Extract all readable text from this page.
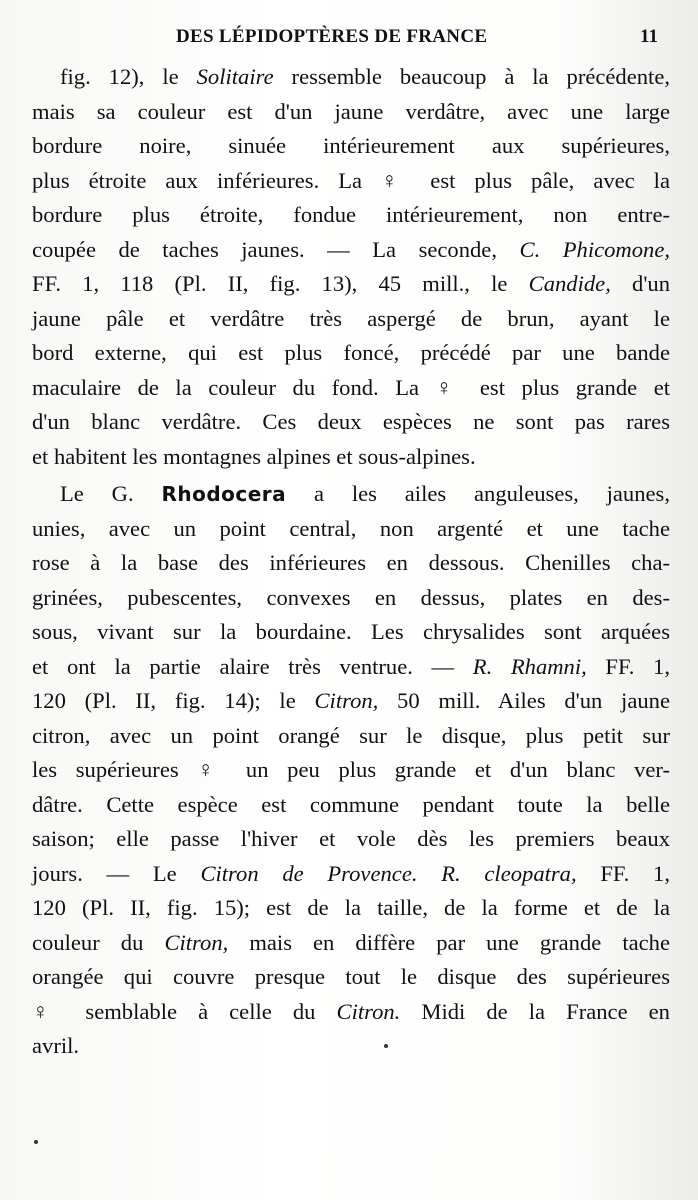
DES LÉPIDOPTÈRES DE FRANCE	11
fig. 12), le Solitaire ressemble beaucoup à la précédente,
mais sa couleur est d'un jaune verdâtre, avec une large
bordure noire, sinuée intérieurement aux supérieures,
plus étroite aux inférieures. La ♀ est plus pâle, avec la
bordure plus étroite, fondue intérieurement, non entre-
coupée de taches jaunes. — La seconde, C. Phicomone,
FF. 1, 118 (Pl. II, fig. 13), 45 mill., le Candide, d'un
jaune pâle et verdâtre très aspergé de brun, ayant le
bord externe, qui est plus foncé, précédé par une bande
maculaire de la couleur du fond. La ♀ est plus grande et
d'un blanc verdâtre. Ces deux espèces ne sont pas rares
et habitent les montagnes alpines et sous-alpines.
Le G. Rhodocera a les ailes anguleuses, jaunes,
unies, avec un point central, non argenté et une tache
rose à la base des inférieures en dessous. Chenilles cha-
grinées, pubescentes, convexes en dessus, plates en des-
sous, vivant sur la bourdaine. Les chrysalides sont arquées
et ont la partie alaire très ventrue. — R. Rhamni, FF. 1,
120 (Pl. II, fig. 14); le Citron, 50 mill. Ailes d'un jaune
citron, avec un point orangé sur le disque, plus petit sur
les supérieures ♀ un peu plus grande et d'un blanc ver-
dâtre. Cette espèce est commune pendant toute la belle
saison; elle passe l'hiver et vole dès les premiers beaux
jours. — Le Citron de Provence. R. cleopatra, FF. 1,
120 (Pl. II, fig. 15); est de la taille, de la forme et de la
couleur du Citron, mais en diffère par une grande tache
orangée qui couvre presque tout le disque des supérieures
♀ semblable à celle du Citron. Midi de la France en
avril.
